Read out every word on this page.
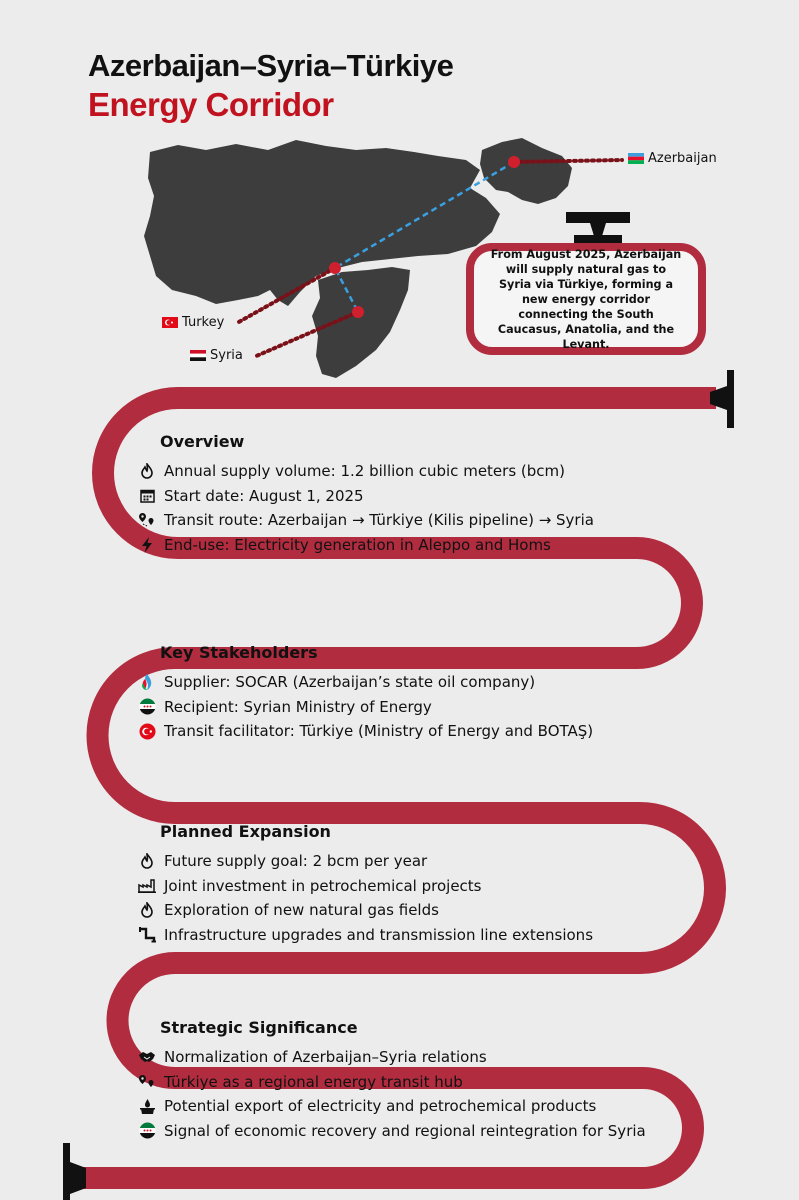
Azerbaijan
Turkey
Syria
Azerbaijan–Syria–Türkiye
Energy Corridor
From August 2025, Azerbaijan will supply natural gas to Syria via Türkiye, forming a new energy corridor connecting the South Caucasus, Anatolia, and the Levant.
Overview
Annual supply volume: 1.2 billion cubic meters (bcm)
Start date: August 1, 2025
Transit route: Azerbaijan → Türkiye (Kilis pipeline) → Syria
End-use: Electricity generation in Aleppo and Homs
Key Stakeholders
Supplier: SOCAR (Azerbaijan’s state oil company)
Recipient: Syrian Ministry of Energy
Transit facilitator: Türkiye (Ministry of Energy and BOTAŞ)
Planned Expansion
Future supply goal: 2 bcm per year
Joint investment in petrochemical projects
Exploration of new natural gas fields
Infrastructure upgrades and transmission line extensions
Strategic Significance
Normalization of Azerbaijan–Syria relations
Türkiye as a regional energy transit hub
Potential export of electricity and petrochemical products
Signal of economic recovery and regional reintegration for Syria
